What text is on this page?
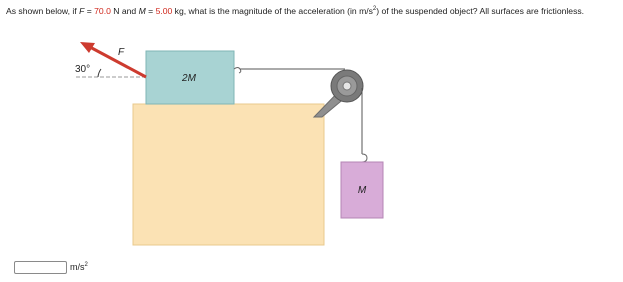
As shown below, if F = 70.0 N and M = 5.00 kg, what is the magnitude of the acceleration (in $m/s^2$) of the suspended object? All surfaces are frictionless.
2M
M
30°
F
$m/s^2$
